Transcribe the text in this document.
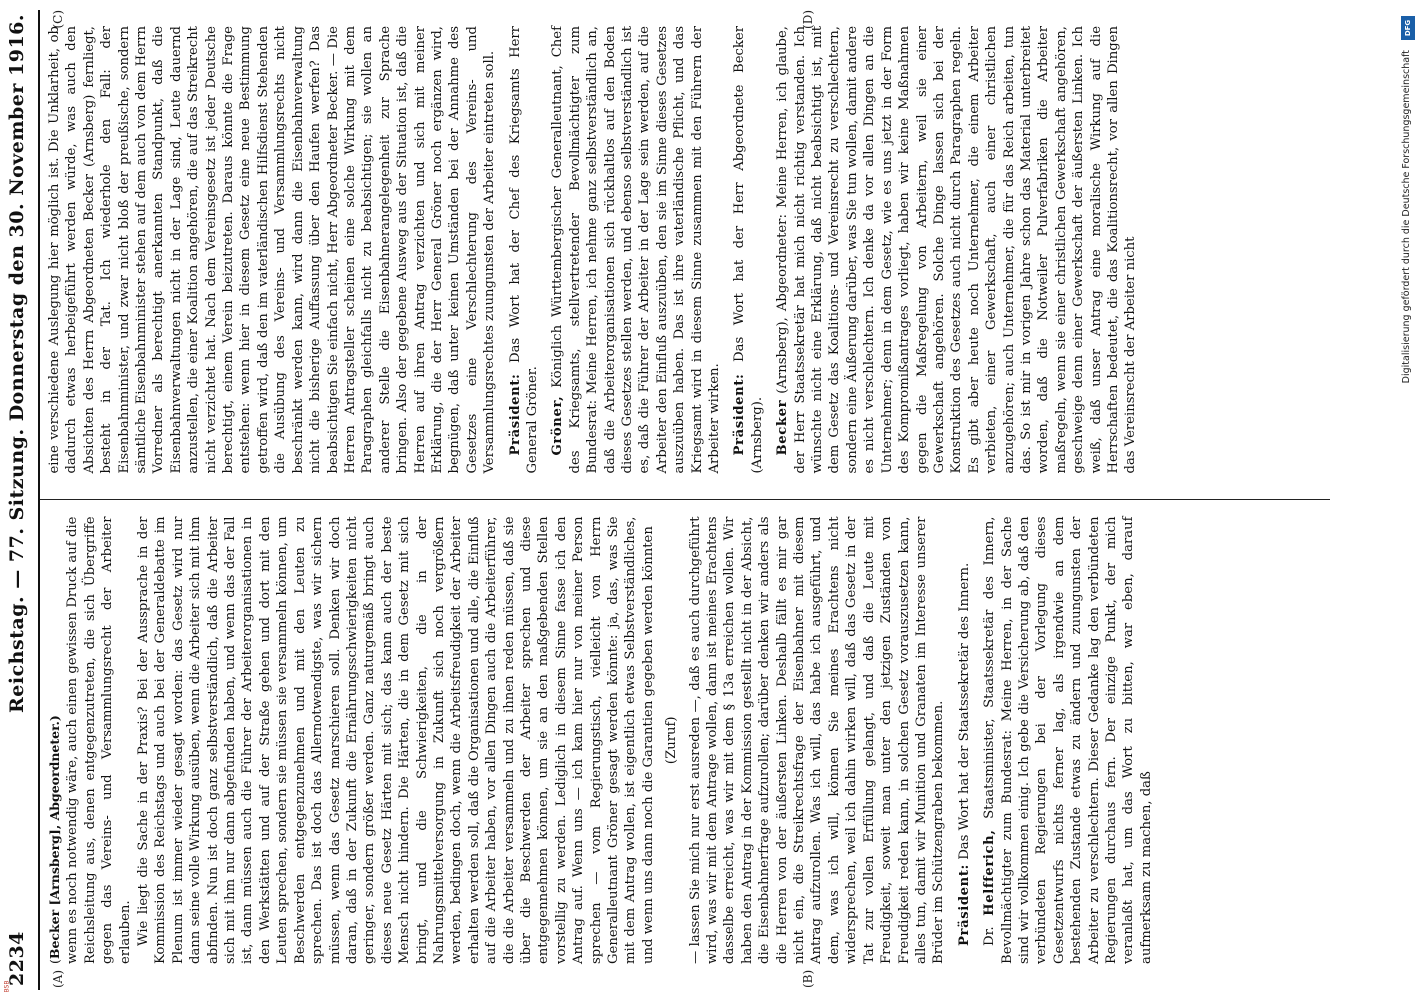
2234
Reichstag. — 77. Sitzung. Donnerstag den 30. November 1916.
(A)	(B)

(Becker [Arnsberg], Abgeordneter.) wenn es noch notwendig wäre, auch einen gewissen Druck auf die Reichsleitung aus, denen entgegenzutreten, die sich Übergriffe gegen das Vereins- und Versammlungsrecht der Arbeiter erlauben. Wie liegt die Sache in der Praxis? Bei der Aussprache in der Kommission des Reichstags und auch bei der Generaldebatte im Plenum ist immer wieder gesagt worden: das Gesetz wird nur dann seine volle Wirkung ausüben, wenn die Arbeiter sich mit ihm abfinden. Nun ist doch ganz selbstverständlich, daß die Arbeiter sich mit ihm nur dann abgefunden haben, und wenn das der Fall ist, dann müssen auch die Führer der Arbeiterorganisationen in den Werkstätten und auf der Straße gehen und dort mit den Leuten sprechen, sondern sie müssen sie versammeln können, um Beschwerden entgegenzunehmen und mit den Leuten zu sprechen. Das ist doch das Allernotwendigste, was wir sichern müssen, wenn das Gesetz marschieren soll. Denken wir doch daran, daß in der Zukunft die Ernährungsschwierigkeiten nicht geringer, sondern größer werden. Ganz naturgemäß bringt auch dieses neue Gesetz Härten mit sich; das kann auch der beste Mensch nicht hindern. Die Härten, die in dem Gesetz mit sich bringt, und die Schwierigkeiten, die in der Nahrungsmittelversorgung in Zukunft sich noch vergrößern werden, bedingen doch, wenn die Arbeitsfreudigkeit der Arbeiter erhalten werden soll, daß die Organisationen und alle, die Einfluß auf die Arbeiter haben, vor allen Dingen auch die Arbeiterführer, die die Arbeiter versammeln und zu ihnen reden müssen, daß sie über die Beschwerden der Arbeiter sprechen und diese entgegennehmen können, um sie an den maßgebenden Stellen vorstellig zu werden. Lediglich in diesem Sinne fasse ich den Antrag auf. Wenn uns — ich kam hier nur von meiner Person sprechen — vom Regierungstisch, vielleicht von Herrn Generalleutnant Gröner gesagt werden könnte: ja, das, was Sie mit dem Antrag wollen, ist eigentlich etwas Selbstverständliches, und wenn uns dann noch die Garantien gegeben werden könnten (Zuruf) — lassen Sie mich nur erst ausreden —, daß es auch durchgeführt wird, was wir mit dem Antrage wollen, dann ist meines Erachtens dasselbe erreicht, was wir mit dem § 13a erreichen wollen. Wir haben den Antrag in der Kommission gestellt nicht in der Absicht, die Eisenbahnerfrage aufzurollen; darüber denken wir anders als die Herren von der äußersten Linken. Deshalb fällt es mir gar nicht ein, die Streikrechtsfrage der Eisenbahner mit diesem Antrag aufzurollen. Was ich will, das habe ich ausgeführt, und dem, was ich will, können Sie meines Erachtens nicht widersprechen, weil ich dahin wirken will, daß das Gesetz in der Tat zur vollen Erfüllung gelangt, und daß die Leute mit Freudigkeit, soweit man unter den jetzigen Zuständen von Freudigkeit reden kann, in solchen Gesetz vorauszusetzen kann, alles tun, damit wir Munition und Granaten im Interesse unserer Brüder im Schützengraben bekommen. Präsident: Das Wort hat der Staatssekretär des Innern.

Dr. Helfferich, Staatsminister, Staatssekretär des Innern, Bevollmächtigter zum Bundesrat: Meine Herren, in der Sache sind wir vollkommen einig. Ich gebe die Versicherung ab, daß den verbündeten Regierungen bei der Vorlegung dieses Gesetzentwurfs nichts ferner lag, als irgendwie an dem bestehenden Zustande etwas zu ändern und zuungunsten der Arbeiter zu verschlechtern. Dieser Gedanke lag den verbündeten Regierungen durchaus fern. Der einzige Punkt, der mich veranlaßt hat, um das Wort zu bitten, war eben, darauf aufmerksam zu machen, daß

(C)	(D)

eine verschiedene Auslegung hier möglich ist. Die Unklarheit, ob dadurch etwas herbeigeführt werden würde, was auch den Absichten des Herrn Abgeordneten Becker (Arnsberg) fernliegt, besteht in der Tat. Ich wiederhole den Fall: der Eisenbahnminister, und zwar nicht bloß der preußische, sondern sämtliche Eisenbahnminister stehen auf dem auch von dem Herrn Vorredner als berechtigt anerkannten Standpunkt, daß die Eisenbahnverwaltungen nicht in der Lage sind, Leute dauernd anzustellen, die einer Koalition angehören, die auf das Streikrecht nicht verzichtet hat. Nach dem Vereinsgesetz ist jeder Deutsche berechtigt, einem Verein beizutreten. Daraus könnte die Frage entstehen: wenn hier in diesem Gesetz eine neue Bestimmung getroffen wird, daß den im vaterländischen Hilfsdienst Stehenden die Ausübung des Vereins- und Versammlungsrechts nicht beschränkt werden kann, wird dann die Eisenbahnverwaltung nicht die bisherige Auffassung über den Haufen werfen? Das beabsichtigen Sie einfach nicht, Herr Abgeordneter Becker. — Die Herren Antragsteller scheinen eine solche Wirkung mit dem Paragraphen gleichfalls nicht zu beabsichtigen; sie wollen an anderer Stelle die Eisenbahnerangelegenheit zur Sprache bringen. Also der gegebene Ausweg aus der Situation ist, daß die Herren auf ihren Antrag verzichten und sich mit meiner Erklärung, die der Herr General Gröner noch ergänzen wird, begnügen, daß unter keinen Umständen bei der Annahme des Gesetzes eine Verschlechterung des Vereins- und Versammlungsrechtes zuungunsten der Arbeiter eintreten soll. Präsident: Das Wort hat der Chef des Kriegsamts Herr General Gröner. Gröner, Königlich Württembergischer Generalleutnant, Chef des Kriegsamts, stellvertretender Bevollmächtigter zum Bundesrat: Meine Herren, ich nehme ganz selbstverständlich an, daß die Arbeiterorganisationen sich rückhaltlos auf den Boden dieses Gesetzes stellen werden, und ebenso selbstverständlich ist es, daß die Führer der Arbeiter in der Lage sein werden, auf die Arbeiter den Einfluß auszuüben, den sie im Sinne dieses Gesetzes auszuüben haben. Das ist ihre vaterländische Pflicht, und das Kriegsamt wird in diesem Sinne zusammen mit den Führern der Arbeiter wirken. Präsident: Das Wort hat der Herr Abgeordnete Becker (Arnsberg). Becker (Arnsberg), Abgeordneter: Meine Herren, ich glaube, der Herr Staatssekretär hat mich nicht richtig verstanden. Ich wünschte nicht eine Erklärung, daß nicht beabsichtigt ist, mit dem Gesetz das Koalitions- und Vereinsrecht zu verschlechtern, sondern eine Äußerung darüber, was Sie tun wollen, damit andere es nicht verschlechtern. Ich denke da vor allen Dingen an die Unternehmer; denn in dem Gesetz, wie es uns jetzt in der Form des Kompromißantrages vorliegt, haben wir keine Maßnahmen gegen die Maßregelung von Arbeitern, weil sie einer Gewerkschaft angehören. Solche Dinge lassen sich bei der Konstruktion des Gesetzes auch nicht durch Paragraphen regeln. Es gibt aber heute noch Unternehmer, die einem Arbeiter verbieten, einer Gewerkschaft, auch einer christlichen anzugehören; auch Unternehmer, die für das Reich arbeiten, tun das. So ist mir in vorigen Jahre schon das Material unterbreitet worden, daß die Notweiler Pulverfabriken die Arbeiter maßregeln, wenn sie einer christlichen Gewerkschaft angehören, geschweige denn einer Gewerkschaft der äußersten Linken. Ich weiß, daß unser Antrag eine moralische Wirkung auf die Herrschaften bedeutet, die das Koalitionsrecht, vor allen Dingen das Vereinsrecht der Arbeiter nicht

DFG
Digitalisierung gefördert durch die Deutsche Forschungsgemeinschaft
BSB
